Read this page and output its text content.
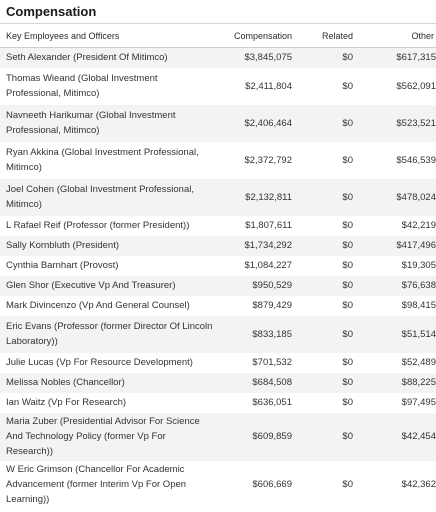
Compensation
Key Employees and Officers	Compensation	Related	Other
Seth Alexander (President Of Mitimco)	$3,845,075	$0	$617,315
Thomas Wieand (Global Investment Professional, Mitimco)	$2,411,804	$0	$562,091
Navneeth Harikumar (Global Investment Professional, Mitimco)	$2,406,464	$0	$523,521
Ryan Akkina (Global Investment Professional, Mitimco)	$2,372,792	$0	$546,539
Joel Cohen (Global Investment Professional, Mitimco)	$2,132,811	$0	$478,024
L Rafael Reif (Professor (former President))	$1,807,611	$0	$42,219
Sally Kornbluth (President)	$1,734,292	$0	$417,496
Cynthia Barnhart (Provost)	$1,084,227	$0	$19,305
Glen Shor (Executive Vp And Treasurer)	$950,529	$0	$76,638
Mark Divincenzo (Vp And General Counsel)	$879,429	$0	$98,415
Eric Evans (Professor (former Director Of Lincoln Laboratory))	$833,185	$0	$51,514
Julie Lucas (Vp For Resource Development)	$701,532	$0	$52,489
Melissa Nobles (Chancellor)	$684,508	$0	$88,225
Ian Waitz (Vp For Research)	$636,051	$0	$97,495
Maria Zuber (Presidential Advisor For Science And Technology Policy (former Vp For Research))	$609,859	$0	$42,454
W Eric Grimson (Chancellor For Academic Advancement (former Interim Vp For Open Learning))	$606,669	$0	$42,362
